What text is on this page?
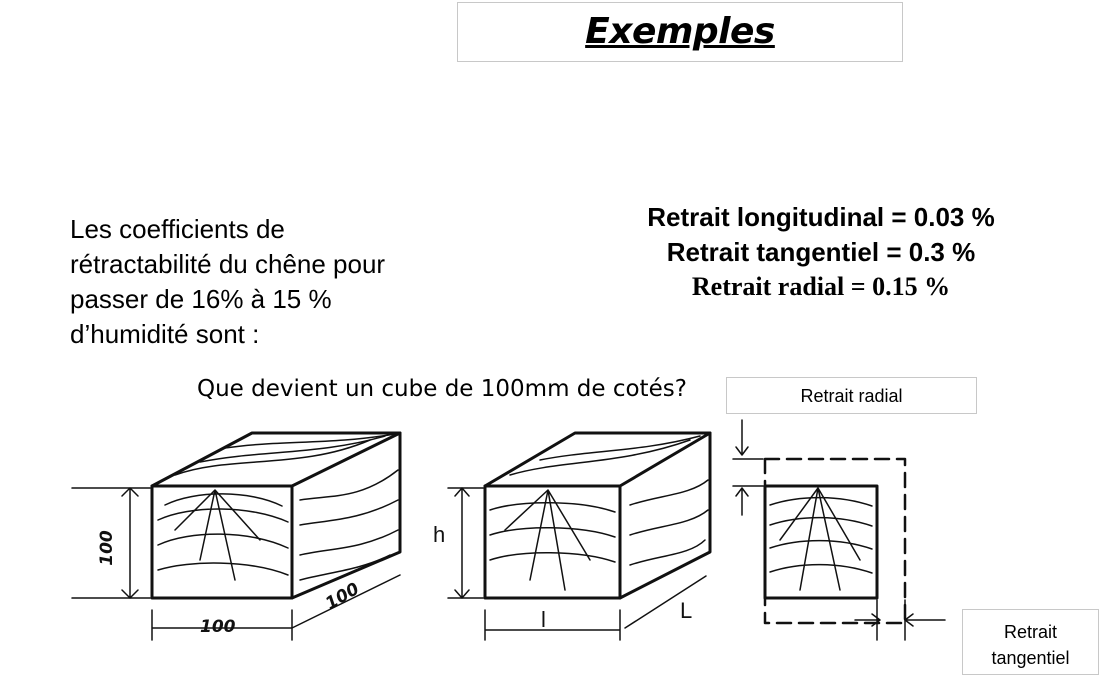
Exemples
Les coefficients de
rétractabilité du chêne pour
passer de 16% à 15 %
d’humidité sont :
Retrait longitudinal = 0.03 %
Retrait tangentiel = 0.3 %
Retrait radial = 0.15 %
Que devient un cube de 100mm de cotés?
h
l	L
100
100
100
Retrait radial
Retrait
tangentiel
